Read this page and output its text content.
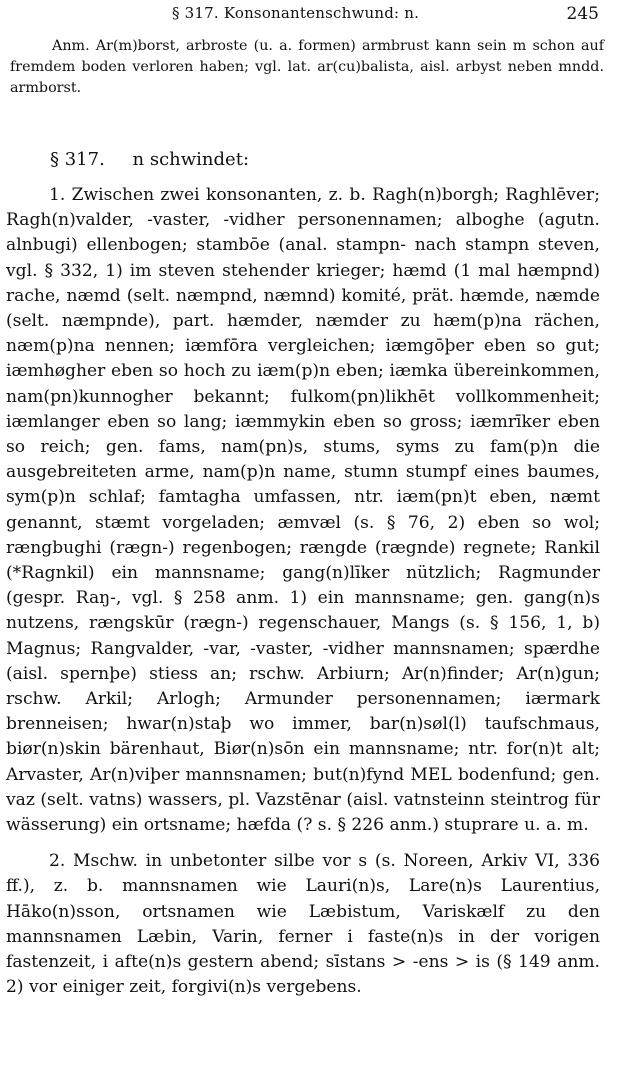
§ 317. Konsonantenschwund: n.	245

Anm. Ar(m)borst, arbroste (u. a. formen) armbrust kann sein m schon auf fremdem boden verloren haben; vgl. lat. ar(cu)balista, aisl. arbyst neben mndd. armborst.

§ 317. n schwindet:

1. Zwischen zwei konsonanten, z. b. Ragh(n)borgh; Raghlēver; Ragh(n)valder, -vaster, -vidher personennamen; alboghe (agutn. alnbugi) ellenbogen; stambōe (anal. stampn- nach stampn steven, vgl. § 332, 1) im steven stehender krieger; hæmd (1 mal hæmpnd) rache, næmd (selt. næmpnd, næmnd) komité, prät. hæmde, næmde (selt. næmpnde), part. hæmder, næmder zu hæm(p)na rächen, næm(p)na nennen; iæmfōra vergleichen; iæmgōþer eben so gut; iæmhøgher eben so hoch zu iæm(p)n eben; iæmka übereinkommen, nam(pn)kunnogher bekannt; fulkom(pn)likhēt vollkommenheit; iæmlanger eben so lang; iæmmykin eben so gross; iæmrīker eben so reich; gen. fams, nam(pn)s, stums, syms zu fam(p)n die ausgebreiteten arme, nam(p)n name, stumn stumpf eines baumes, sym(p)n schlaf; famtagha umfassen, ntr. iæm(pn)t eben, næmt genannt, stæmt vorgeladen; æmvæl (s. § 76, 2) eben so wol; rængbughi (rægn-) regenbogen; rængde (rægnde) regnete; Rankil (*Ragnkil) ein mannsname; gang(n)līker nützlich; Ragmunder (gespr. Raŋ-, vgl. § 258 anm. 1) ein mannsname; gen. gang(n)s nutzens, rængskūr (rægn-) regenschauer, Mangs (s. § 156, 1, b) Magnus; Rangvalder, -var, -vaster, -vidher mannsnamen; spærdhe (aisl. spernþe) stiess an; rschw. Arbiurn; Ar(n)finder; Ar(n)gun; rschw. Arkil; Arlogh; Armunder personennamen; iærmark brenneisen; hwar(n)staþ wo immer, bar(n)søl(l) taufschmaus, biør(n)skin bärenhaut, Biør(n)sōn ein mannsname; ntr. for(n)t alt; Arvaster, Ar(n)viþer mannsnamen; but(n)fynd MEL bodenfund; gen. vaz (selt. vatns) wassers, pl. Vazstēnar (aisl. vatnsteinn steintrog für wässerung) ein ortsname; hæfda (? s. § 226 anm.) stuprare u. a. m.

2. Mschw. in unbetonter silbe vor s (s. Noreen, Arkiv VI, 336 ff.), z. b. mannsnamen wie Lauri(n)s, Lare(n)s Laurentius, Hāko(n)sson, ortsnamen wie Læbistum, Variskælf zu den mannsnamen Læbin, Varin, ferner i faste(n)s in der vorigen fastenzeit, i afte(n)s gestern abend; sīstans > -ens > is (§ 149 anm. 2) vor einiger zeit, forgivi(n)s vergebens.
